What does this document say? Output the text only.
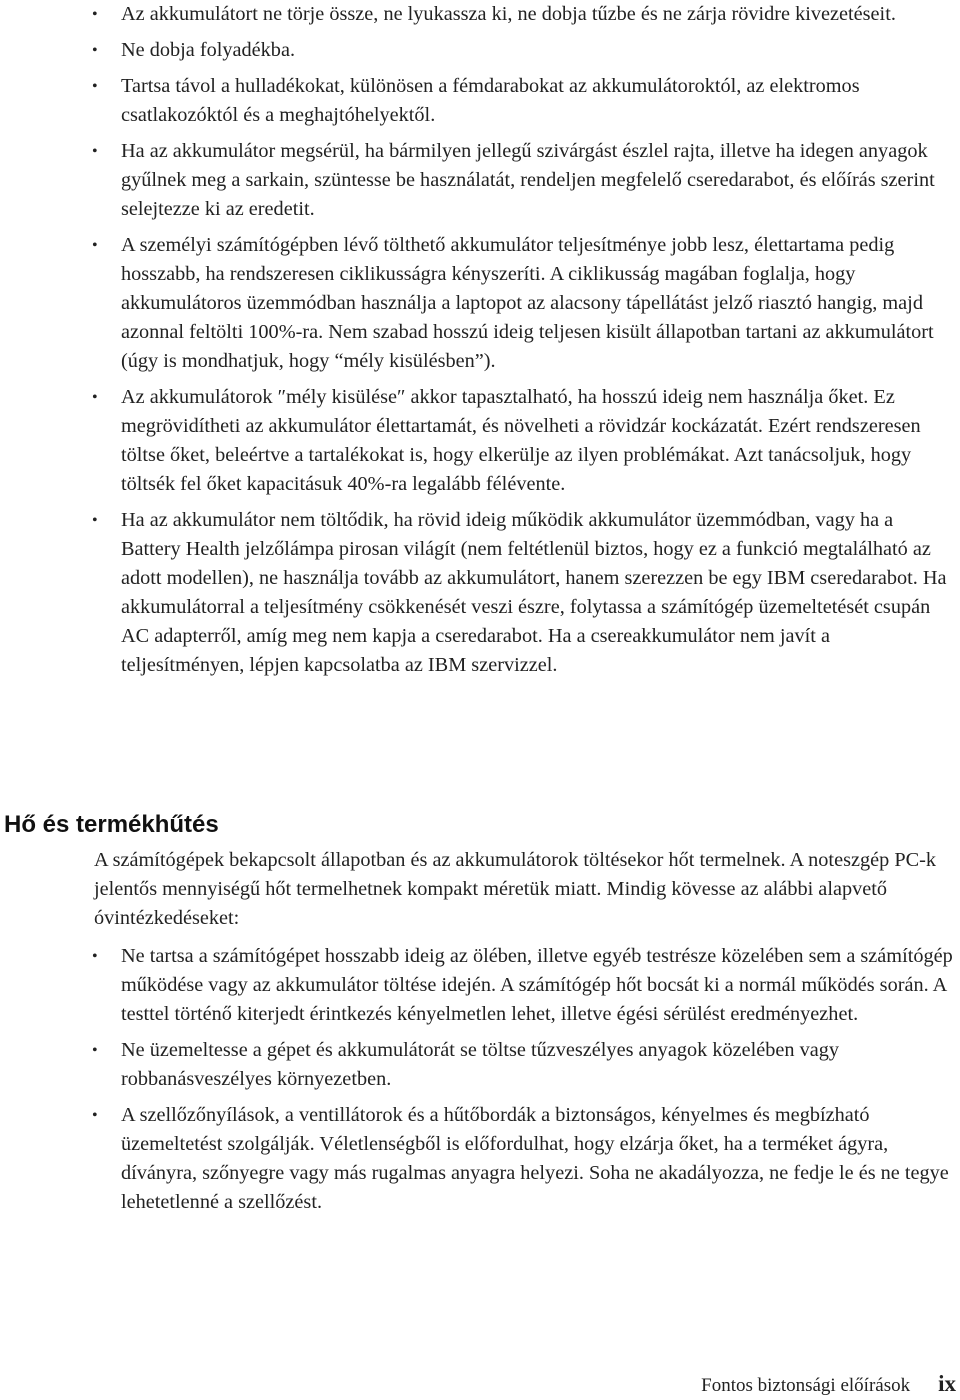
• Az akkumulátort ne törje össze, ne lyukassza ki, ne dobja tűzbe és ne zárja rövidre kivezetéseit.
• Ne dobja folyadékba.
• Tartsa távol a hulladékokat, különösen a fémdarabokat az akkumulátoroktól, az elektromos csatlakozóktól és a meghajtóhelyektől.
• Ha az akkumulátor megsérül, ha bármilyen jellegű szivárgást észlel rajta, illetve ha idegen anyagok gyűlnek meg a sarkain, szüntesse be használatát, rendeljen megfelelő cseredarabot, és előírás szerint selejtezze ki az eredetit.
• A személyi számítógépben lévő tölthető akkumulátor teljesítménye jobb lesz, élettartama pedig hosszabb, ha rendszeresen ciklikusságra kényszeríti. A ciklikusság magában foglalja, hogy akkumulátoros üzemmódban használja a laptopot az alacsony tápellátást jelző riasztó hangig, majd azonnal feltölti 100%-ra. Nem szabad hosszú ideig teljesen kisült állapotban tartani az akkumulátort (úgy is mondhatjuk, hogy “mély kisülésben”).
• Az akkumulátorok ″mély kisülése″ akkor tapasztalható, ha hosszú ideig nem használja őket. Ez megrövidítheti az akkumulátor élettartamát, és növelheti a rövidzár kockázatát. Ezért rendszeresen töltse őket, beleértve a tartalékokat is, hogy elkerülje az ilyen problémákat. Azt tanácsoljuk, hogy töltsék fel őket kapacitásuk 40%-ra legalább félévente.
• Ha az akkumulátor nem töltődik, ha rövid ideig működik akkumulátor üzemmódban, vagy ha a Battery Health jelzőlámpa pirosan világít (nem feltétlenül biztos, hogy ez a funkció megtalálható az adott modellen), ne használja tovább az akkumulátort, hanem szerezzen be egy IBM cseredarabot. Ha akkumulátorral a teljesítmény csökkenését veszi észre, folytassa a számítógép üzemeltetését csupán AC adapterről, amíg meg nem kapja a cseredarabot. Ha a csereakkumulátor nem javít a teljesítményen, lépjen kapcsolatba az IBM szervizzel.
Hő és termékhűtés

A számítógépek bekapcsolt állapotban és az akkumulátorok töltésekor hőt termelnek. A noteszgép PC-k jelentős mennyiségű hőt termelhetnek kompakt méretük miatt. Mindig kövesse az alábbi alapvető óvintézkedéseket:

• Ne tartsa a számítógépet hosszabb ideig az ölében, illetve egyéb testrésze közelében sem a számítógép működése vagy az akkumulátor töltése idején. A számítógép hőt bocsát ki a normál működés során. A testtel történő kiterjedt érintkezés kényelmetlen lehet, illetve égési sérülést eredményezhet.
• Ne üzemeltesse a gépet és akkumulátorát se töltse tűzveszélyes anyagok közelében vagy robbanásveszélyes környezetben.
• A szellőzőnyílások, a ventillátorok és a hűtőbordák a biztonságos, kényelmes és megbízható üzemeltetést szolgálják. Véletlenségből is előfordulhat, hogy elzárja őket, ha a terméket ágyra, díványra, szőnyegre vagy más rugalmas anyagra helyezi. Soha ne akadályozza, ne fedje le és ne tegye lehetetlenné a szellőzést.
Fontos biztonsági előírások ix
